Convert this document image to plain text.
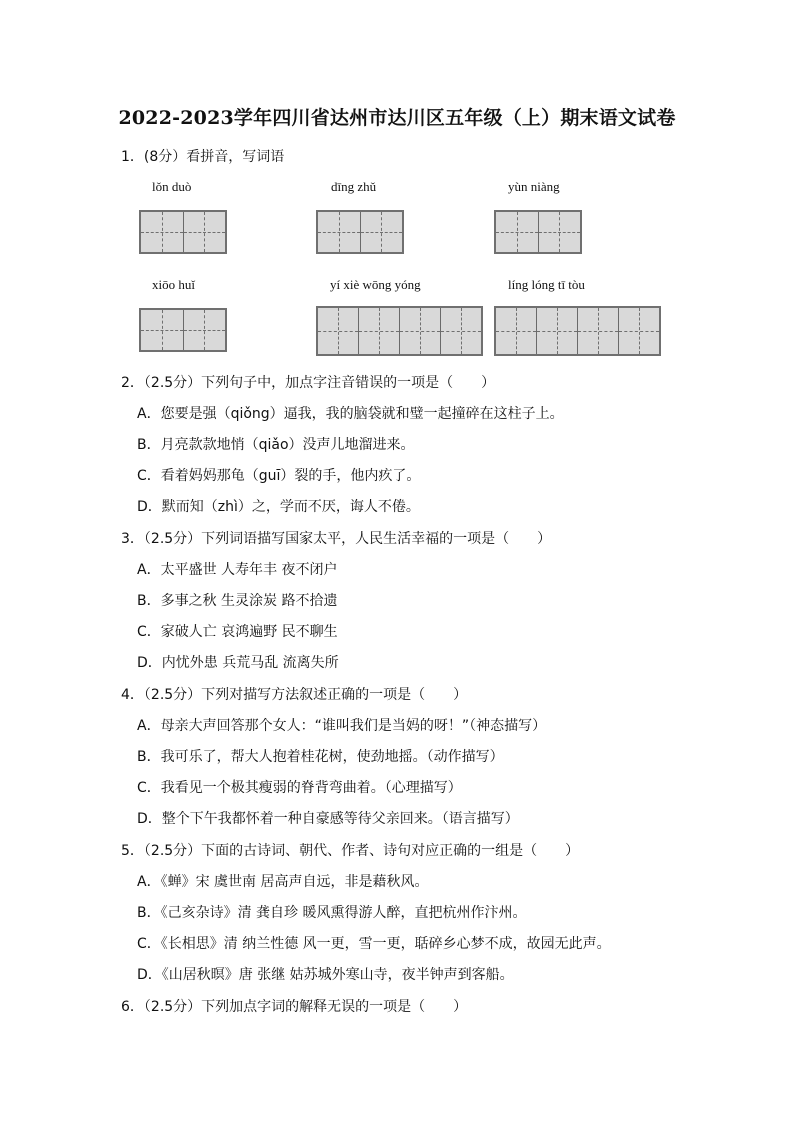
2022-2023学年四川省达州市达川区五年级（上）期末语文试卷
1．(8分）看拼音，写词语
lǒn duò	dīng zhǔ	yùn niàng
xiōo huǐ	yí xiè wōng yóng	líng lóng tī tòu
2．（2.5分）下列句子中，加点字注音错误的一项是（　　）
A．您要是强（qiǒng）逼我，我的脑袋就和璧一起撞碎在这柱子上。
B．月亮款款地悄（qiǎo）没声儿地溜进来。
C．看着妈妈那龟（guī）裂的手，他内疚了。
D．默而知（zhì）之，学而不厌，诲人不倦。
3．（2.5分）下列词语描写国家太平，人民生活幸福的一项是（　　）
A．太平盛世 人寿年丰 夜不闭户
B．多事之秋 生灵涂炭 路不拾遗
C．家破人亡 哀鸿遍野 民不聊生
D．内忧外患 兵荒马乱 流离失所
4．（2.5分）下列对描写方法叙述正确的一项是（　　）
A．母亲大声回答那个女人：“谁叫我们是当妈的呀！”（神态描写）
B．我可乐了，帮大人抱着桂花树，使劲地摇。（动作描写）
C．我看见一个极其瘦弱的脊背弯曲着。（心理描写）
D．整个下午我都怀着一种自豪感等待父亲回来。（语言描写）
5．（2.5分）下面的古诗词、朝代、作者、诗句对应正确的一组是（　　）
A．《蝉》宋 虞世南 居高声自远，非是藉秋风。
B．《己亥杂诗》清 龚自珍 暖风熏得游人醉，直把杭州作汴州。
C．《长相思》清 纳兰性德 风一更，雪一更，聒碎乡心梦不成，故园无此声。
D．《山居秋暝》唐 张继 姑苏城外寒山寺，夜半钟声到客船。
6．（2.5分）下列加点字词的解释无误的一项是（　　）
